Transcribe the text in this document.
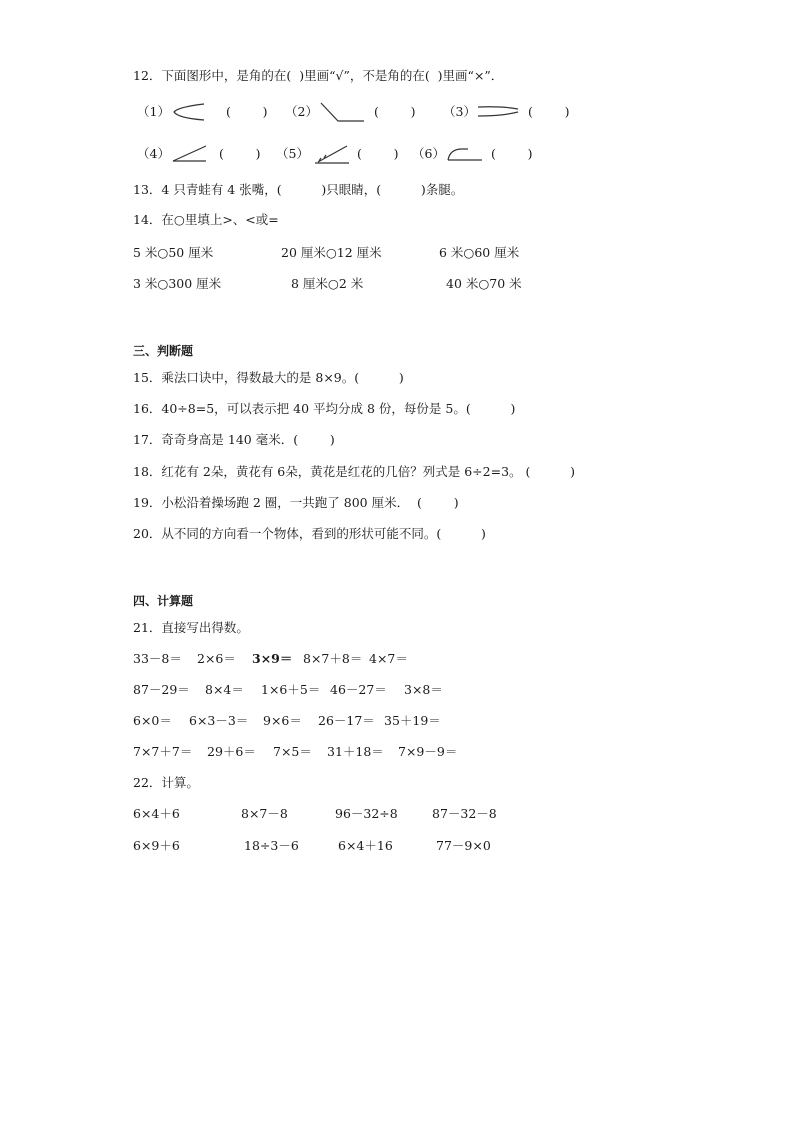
12．下面图形中，是角的在(  )里画“√”，不是角的在(  )里画“×”．
（1）	(        ) （2）	(        ) （3）	(        )
（4）	(        ) （5）	(        ) （6）	(        )
13．4 只青蛙有 4 张嘴，(          )只眼睛，(          )条腿。
14．在○里填上>、<或=
5 米○50 厘米	20 厘米○12 厘米	6 米○60 厘米
3 米○300 厘米	8 厘米○2 米	40 米○70 米
三、判断题
15．乘法口诀中，得数最大的是 8×9。(          )
16．40÷8=5，可以表示把 40 平均分成 8 份，每份是 5。(          )
17．奇奇身高是 140 毫米．(        )
18．红花有 2朵，黄花有 6朵，黄花是红花的几倍？列式是 6÷2=3。 (          )
19．小松沿着操场跑 2 圈，一共跑了 800 厘米．  (        )
20．从不同的方向看一个物体，看到的形状可能不同。(          )
四、计算题
21．直接写出得数。
33－8＝ 2×6＝ 3×9＝ 8×7＋8＝ 4×7＝
87－29＝ 8×4＝ 1×6＋5＝ 46－27＝ 3×8＝
6×0＝ 6×3－3＝ 9×6＝ 26－17＝ 35＋19＝
7×7＋7＝ 29＋6＝ 7×5＝ 31＋18＝ 7×9－9＝
22．计算。
6×4＋6	8×7－8	96－32÷8	87－32－8
6×9＋6	18÷3－6	6×4＋16	77－9×0
